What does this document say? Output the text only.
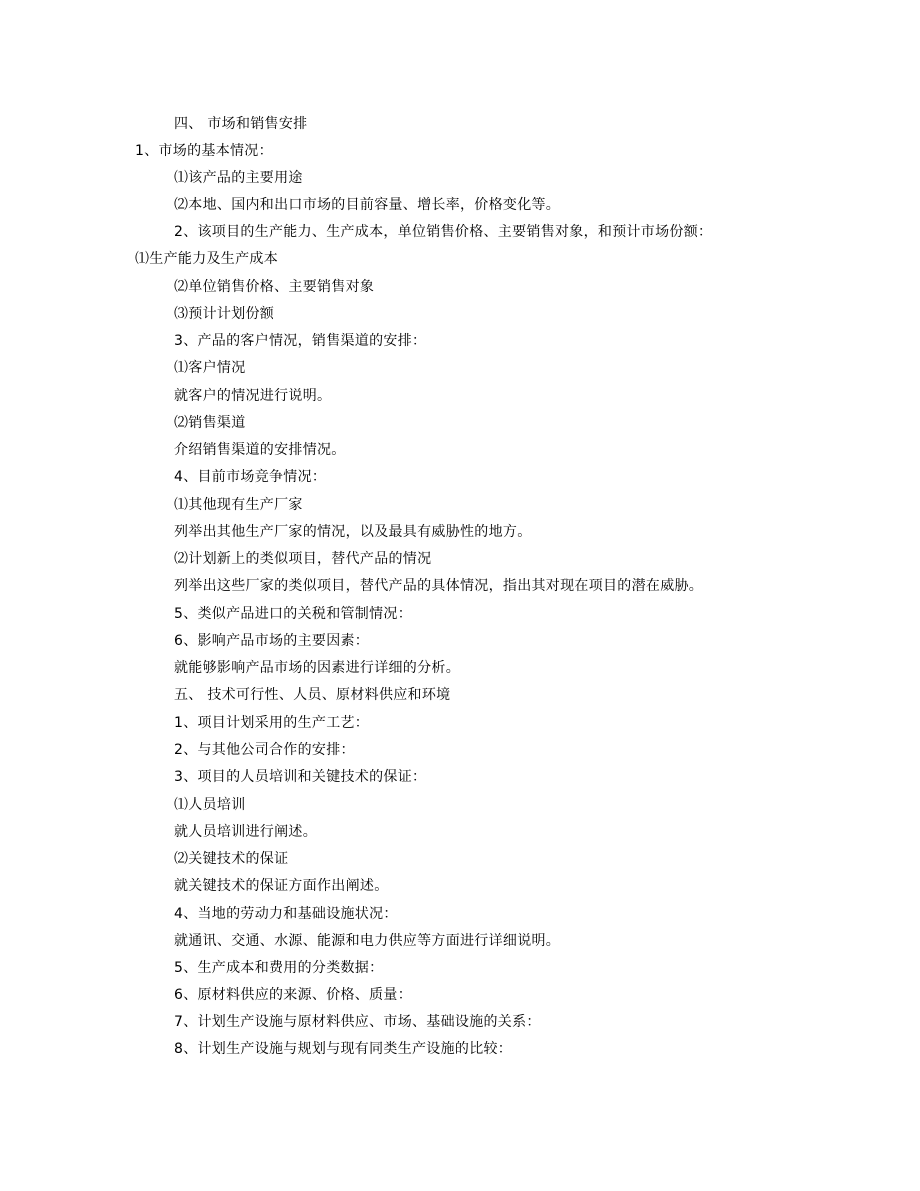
四、 市场和销售安排
1、市场的基本情况：
⑴该产品的主要用途
⑵本地、国内和出口市场的目前容量、增长率，价格变化等。
2、该项目的生产能力、生产成本，单位销售价格、主要销售对象，和预计市场份额：
⑴生产能力及生产成本
⑵单位销售价格、主要销售对象
⑶预计计划份额
3、产品的客户情况，销售渠道的安排：
⑴客户情况
就客户的情况进行说明。
⑵销售渠道
介绍销售渠道的安排情况。
4、目前市场竞争情况：
⑴其他现有生产厂家
列举出其他生产厂家的情况，以及最具有威胁性的地方。
⑵计划新上的类似项目，替代产品的情况
列举出这些厂家的类似项目，替代产品的具体情况，指出其对现在项目的潜在威胁。
5、类似产品进口的关税和管制情况：
6、影响产品市场的主要因素：
就能够影响产品市场的因素进行详细的分析。
五、 技术可行性、人员、原材料供应和环境
1、项目计划采用的生产工艺：
2、与其他公司合作的安排：
3、项目的人员培训和关键技术的保证：
⑴人员培训
就人员培训进行阐述。
⑵关键技术的保证
就关键技术的保证方面作出阐述。
4、当地的劳动力和基础设施状况：
就通讯、交通、水源、能源和电力供应等方面进行详细说明。
5、生产成本和费用的分类数据：
6、原材料供应的来源、价格、质量：
7、计划生产设施与原材料供应、市场、基础设施的关系：
8、计划生产设施与规划与现有同类生产设施的比较：
